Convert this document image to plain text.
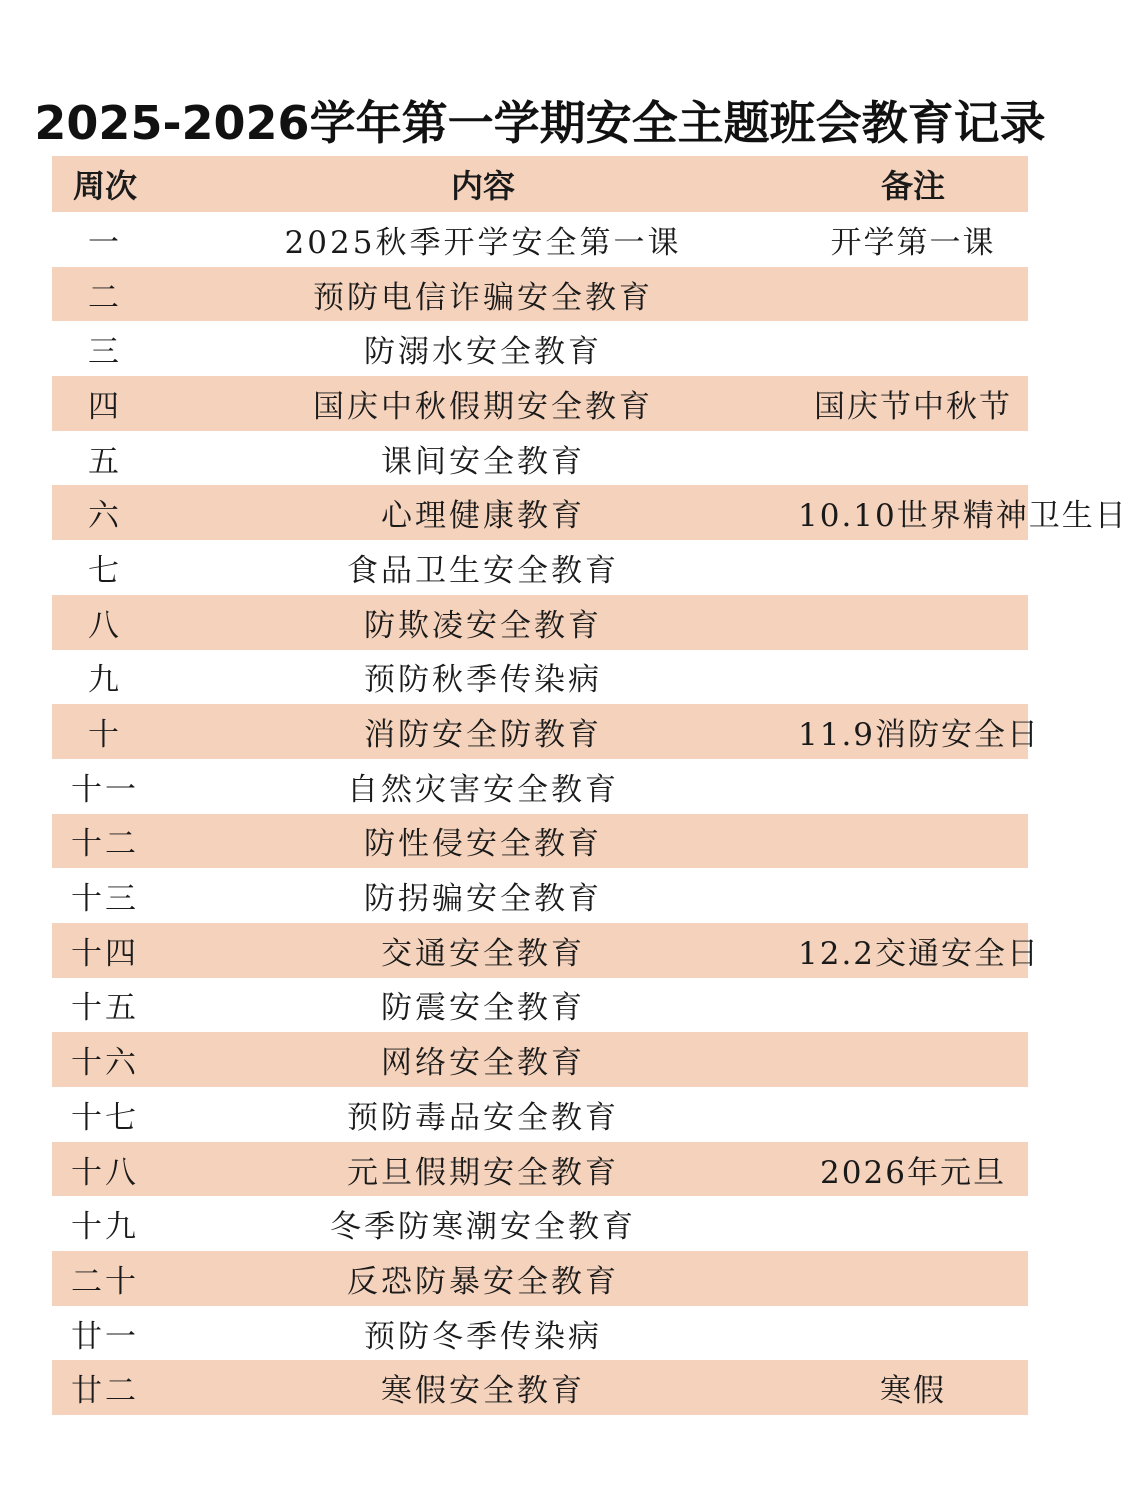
2025-2026学年第一学期安全主题班会教育记录
周次	内容	备注
一	2025秋季开学安全第一课	开学第一课
二	预防电信诈骗安全教育
三	防溺水安全教育
四	国庆中秋假期安全教育	国庆节中秋节
五	课间安全教育
六	心理健康教育	10.10世界精神卫生日
七	食品卫生安全教育
八	防欺凌安全教育
九	预防秋季传染病
十	消防安全防教育	11.9消防安全日
十一	自然灾害安全教育
十二	防性侵安全教育
十三	防拐骗安全教育
十四	交通安全教育	12.2交通安全日
十五	防震安全教育
十六	网络安全教育
十七	预防毒品安全教育
十八	元旦假期安全教育	2026年元旦
十九	冬季防寒潮安全教育
二十	反恐防暴安全教育
廿一	预防冬季传染病
廿二	寒假安全教育	寒假
